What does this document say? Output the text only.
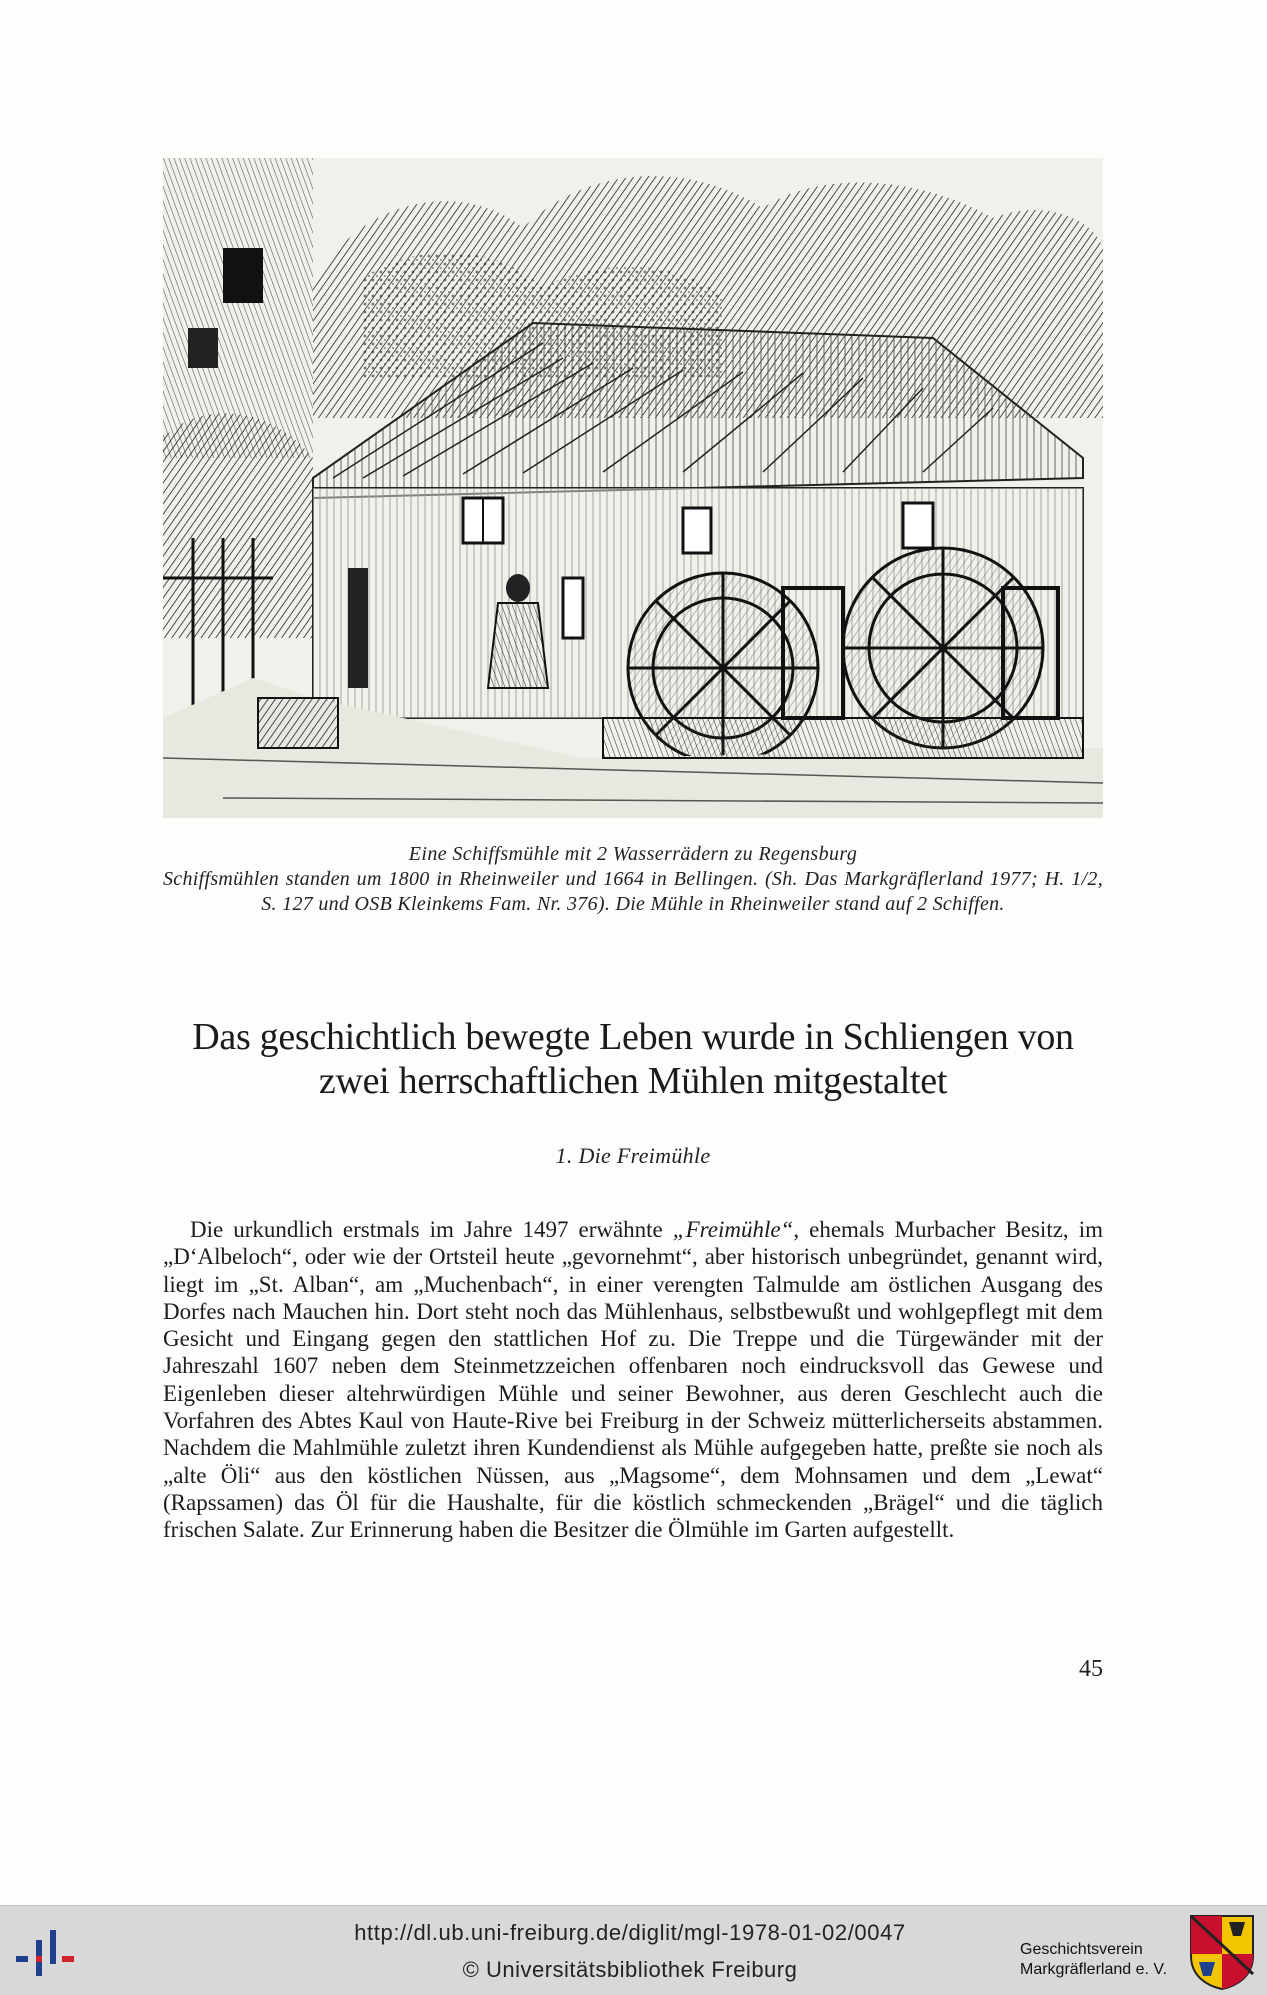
Eine Schiffsmühle mit 2 Wasserrädern zu Regensburg
Schiffsmühlen standen um 1800 in Rheinweiler und 1664 in Bellingen. (Sh. Das Markgräflerland 1977; H. 1/2, S. 127 und OSB Kleinkems Fam. Nr. 376). Die Mühle in Rheinweiler stand auf 2 Schiffen.
Das geschichtlich bewegte Leben wurde in Schliengen von
zwei herrschaftlichen Mühlen mitgestaltet
1. Die Freimühle
Die urkundlich erstmals im Jahre 1497 erwähnte „Freimühle“, ehemals Murbacher Besitz, im „D‘Albeloch“, oder wie der Ortsteil heute „gevornehmt“, aber historisch unbegründet, genannt wird, liegt im „St. Alban“, am „Muchenbach“, in einer verengten Talmulde am östlichen Ausgang des Dorfes nach Mauchen hin. Dort steht noch das Mühlenhaus, selbstbewußt und wohlgepflegt mit dem Gesicht und Eingang gegen den stattlichen Hof zu. Die Treppe und die Türgewänder mit der Jahreszahl 1607 neben dem Steinmetzzeichen offenbaren noch eindrucksvoll das Gewese und Eigenleben dieser altehrwürdigen Mühle und seiner Bewohner, aus deren Geschlecht auch die Vorfahren des Abtes Kaul von Haute-Rive bei Freiburg in der Schweiz mütterlicherseits abstammen. Nachdem die Mahlmühle zuletzt ihren Kundendienst als Mühle aufgegeben hatte, preßte sie noch als „alte Öli“ aus den köstlichen Nüssen, aus „Magsome“, dem Mohnsamen und dem „Lewat“ (Rapssamen) das Öl für die Haushalte, für die köstlich schmeckenden „Brägel“ und die täglich frischen Salate. Zur Erinnerung haben die Besitzer die Ölmühle im Garten aufgestellt.
45
http://dl.ub.uni-freiburg.de/diglit/mgl-1978-01-02/0047
© Universitätsbibliothek Freiburg
Geschichtsverein
Markgräflerland e. V.
